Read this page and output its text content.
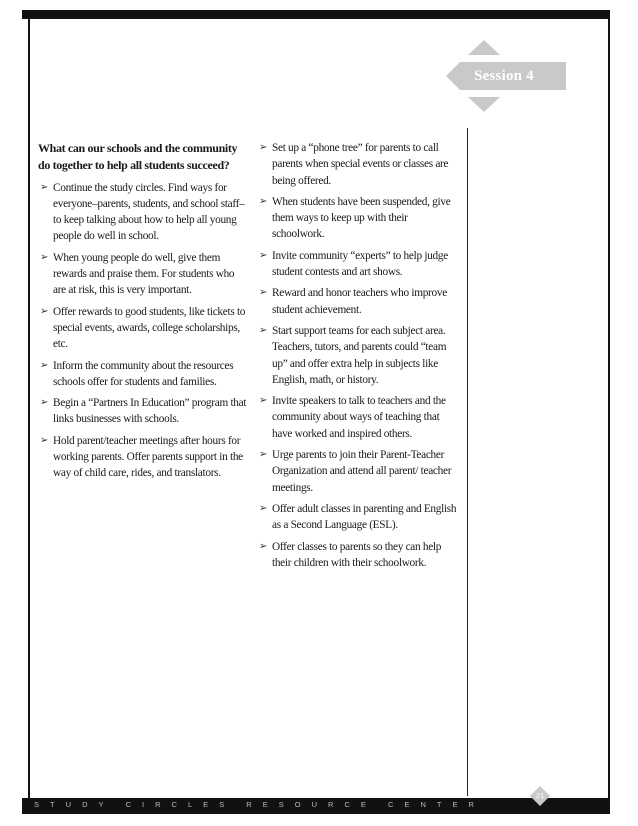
Session 4

What can our schools and the community do together to help all students succeed?

➢ Continue the study circles. Find ways for everyone–parents, students, and school staff–to keep talking about how to help all young people do well in school.
➢ When young people do well, give them rewards and praise them. For students who are at risk, this is very important.
➢ Offer rewards to good students, like tickets to special events, awards, college scholarships, etc.
➢ Inform the community about the resources schools offer for students and families.
➢ Begin a “Partners In Education” program that links businesses with schools.
➢ Hold parent/teacher meetings after hours for working parents. Offer parents support in the way of child care, rides, and translators.
➢ Set up a “phone tree” for parents to call parents when special events or classes are being offered.
➢ When students have been suspended, give them ways to keep up with their schoolwork.
➢ Invite community “experts” to help judge student contests and art shows.
➢ Reward and honor teachers who improve student achievement.
➢ Start support teams for each subject area. Teachers, tutors, and parents could “team up” and offer extra help in subjects like English, math, or history.
➢ Invite speakers to talk to teachers and the community about ways of teaching that have worked and inspired others.
➢ Urge parents to join their Parent-Teacher Organization and attend all parent/ teacher meetings.
➢ Offer adult classes in parenting and English as a Second Language (ESL).
➢ Offer classes to parents so they can help their children with their schoolwork.
S T U D Y	C I R C L E S	R E S O U R C E	C E N T E R
21
